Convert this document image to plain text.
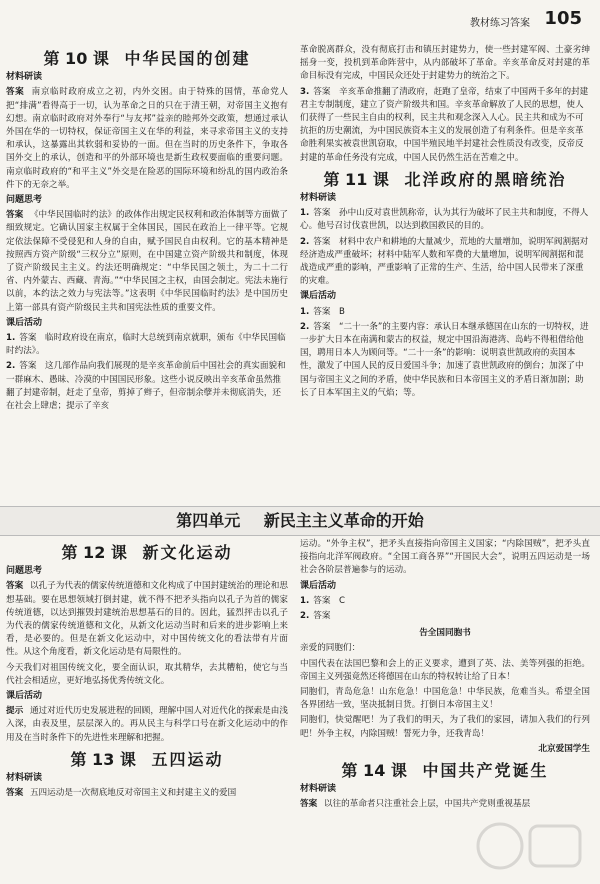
教材练习答案 105
第 10 课 中华民国的创建
材料研读
答案 南京临时政府成立之初，内外交困。由于特殊的国情，革命党人把“排满”看得高于一切，认为革命之日的只在于清王朝，对帝国主义抱有幻想。南京临时政府对外奉行“与友邦”益亲的睦邦外交政策，想通过承认外国在华的一切特权，保证帝国主义在华的利益，来寻求帝国主义的支持和承认，这暴露出其软弱和妥协的一面。但在当时的历史条件下，争取各国外交上的承认，创造和平的外部环境也是新生政权要面临的重要问题。南京临时政府的“和平主义”外交是在险恶的国际环境和纷乱的国内政治条件下的无奈之举。
问题思考
答案 《中华民国临时约法》的政体作出规定民权利和政治体制等方面做了细致规定。它确认国家主权属于全体国民，国民在政治上一律平等。它规定依法保障不受侵犯和人身的自由，赋予国民自由权利。它的基本精神是按照西方资产阶级“三权分立”原则，在中国建立资产阶级共和制度，体现了资产阶级民主主义。约法还明确规定：“中华民国之领土，为二十二行省、内外蒙古、西藏、青海。”“中华民国之主权，由国会制定。宪法未施行以前，本约法之效力与宪法等。”这表明《中华民国临时约法》是中国历史上第一部具有资产阶级民主共和国宪法性质的重要文件。
课后活动
1. 答案　临时政府设在南京，临时大总统到南京就职，颁布《中华民国临时约法》。
2. 答案　这几部作品向我们展现的是辛亥革命前后中国社会的真实面貌和一群麻木、愚昧、冷漠的中国国民形象。这些小说反映出辛亥革命虽然推翻了封建帝制，赶走了皇帝，剪掉了辫子，但帝制余孽并未彻底消失，还在社会上肆虐；提示了辛亥
革命脱离群众，没有彻底打击和镇压封建势力，使一些封建军阀、土豪劣绅摇身一变，投机到革命阵营中，从内部破坏了革命。辛亥革命反对封建的革命目标没有完成，中国民众还处于封建势力的统治之下。
3. 答案　辛亥革命推翻了清政府，赶跑了皇帝，结束了中国两千多年的封建君主专制制度，建立了资产阶级共和国。辛亥革命解放了人民的思想，使人们获得了一些民主自由的权利，民主共和观念深入人心。民主共和成为不可抗拒的历史潮流，为中国民族资本主义的发展创造了有利条件。但是辛亥革命胜利果实被袁世凯窃取，中国半殖民地半封建社会性质没有改变，反帝反封建的革命任务没有完成，中国人民仍然生活在苦难之中。
第 11 课 北洋政府的黑暗统治
材料研读
1. 答案　孙中山反对袁世凯称帝，认为其行为破坏了民主共和制度，不得人心。他号召讨伐袁世凯，以达到救国救民的目的。
2. 答案　材料中农户和耕地的大量减少，荒地的大量增加，说明军阀割据对经济造成严重破坏；材料中陆军人数和军费的大量增加，说明军阀割据和混战造成严重的影响，严重影响了正常的生产、生活，给中国人民带来了深重的灾难。
课后活动
1. 答案　B
2. 答案　“二十一条”的主要内容：承认日本继承德国在山东的一切特权，进一步扩大日本在南满和蒙古的权益，规定中国沿海港湾、岛屿不得租借给他国，聘用日本人为顾问等。“二十一条”的影响：说明袁世凯政府的卖国本性，激发了中国人民的反日爱国斗争；加速了袁世凯政府的倒台；加深了中国与帝国主义之间的矛盾，使中华民族和日本帝国主义的矛盾日渐加剧；助长了日本军国主义的气焰；等。
第四单元 新民主主义革命的开始
第 12 课 新文化运动
问题思考
答案 以孔子为代表的儒家传统道德和文化构成了中国封建统治的理论和思想基础。要在思想领域打倒封建，就不得不把矛头指向以孔子为首的儒家传统道德，以达到摧毁封建统治思想基石的目的。因此，猛烈抨击以孔子为代表的儒家传统道德和文化，从新文化运动当时和后来的进步影响上来看，是必要的。但是在新文化运动中，对中国传统文化的看法带有片面性。从这个角度看，新文化运动是有局限性的。
今天我们对祖国传统文化，要全面认识，取其精华，去其糟粕，使它与当代社会相适应，更好地弘扬优秀传统文化。
课后活动
提示 通过对近代历史发展进程的回顾，理解中国人对近代化的探索是由浅入深，由表及里，层层深入的。再从民主与科学口号在新文化运动中的作用及在当时条件下的先进性来理解和把握。
第 13 课 五四运动
材料研读
答案 五四运动是一次彻底地反对帝国主义和封建主义的爱国
运动。“外争主权”，把矛头直接指向帝国主义国家；“内除国贼”，把矛头直接指向北洋军阀政府。“全国工商各界”“开国民大会”，说明五四运动是一场社会各阶层普遍参与的运动。
课后活动
1. 答案　C
2. 答案
告全国同胞书

亲爱的同胞们：

中国代表在法国巴黎和会上的正义要求，遭到了英、法、美等列强的拒绝。帝国主义列强竟然还将德国在山东的特权转让给了日本！

同胞们，青岛危急！山东危急！中国危急！中华民族，危难当头。希望全国各界团结一致，坚决抵制日货。打倒日本帝国主义！

同胞们，快觉醒吧！为了我们的明天，为了我们的家园，请加入我们的行列吧！外争主权，内除国贼！誓死力争，还我青岛！

北京爱国学生
第 14 课 中国共产党诞生
材料研读
答案 以往的革命者只注重社会上层，中国共产党则重视基层
